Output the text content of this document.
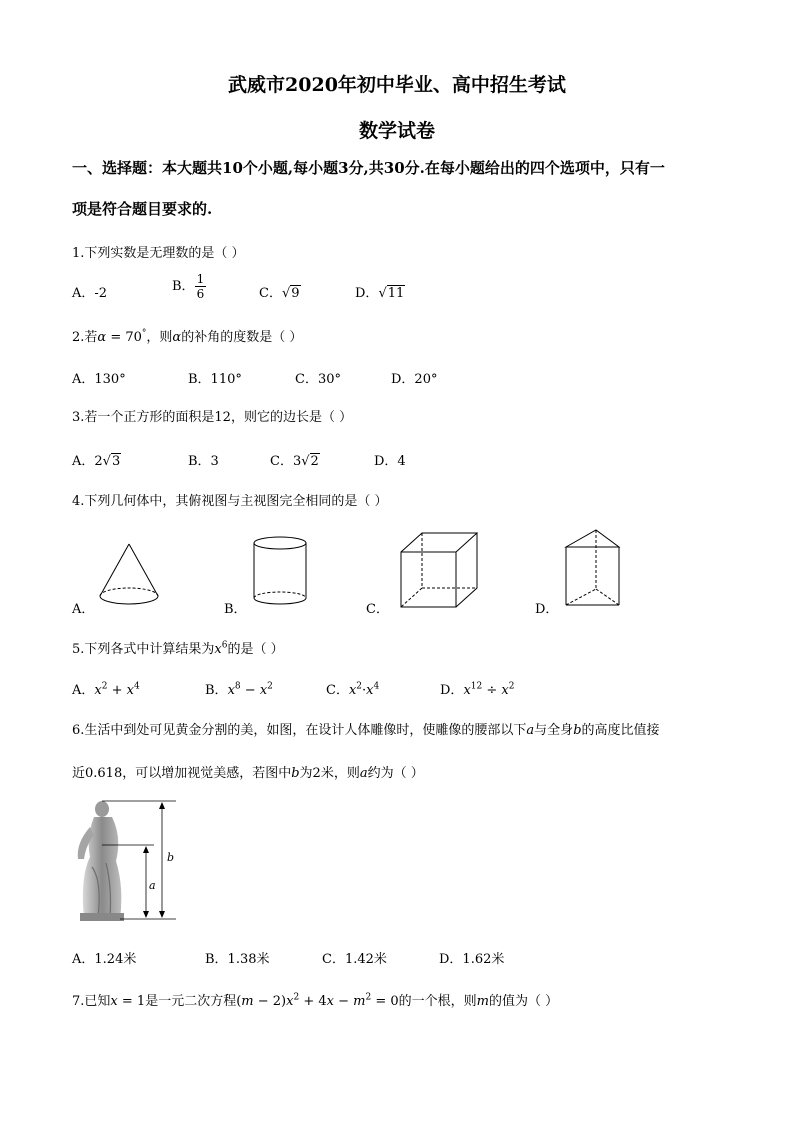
武威市2020年初中毕业、高中招生考试
数学试卷
一、选择题：本大题共10个小题,每小题3分,共30分.在每小题给出的四个选项中，只有一
项是符合题目要求的.
1.下列实数是无理数的是（ ）
A．-2	B． $\frac{1}{6}$	C．√9	D．√11
2.若α = 70°，则α的补角的度数是（ ）
A．130°	B．110°	C．30°	D．20°
3.若一个正方形的面积是12，则它的边长是（ ）
A．2√3	B．3	C．3√2	D．4
4.下列几何体中，其俯视图与主视图完全相同的是（ ）
A．	B．	C．	D．
5.下列各式中计算结果为$x^6$的是（ ）
A．$x^2 + x^4$	B．$x^8 - x^2$	C．$x^2\cdot x^4$	D．$x^{12} \div x^2$
6.生活中到处可见黄金分割的美，如图，在设计人体雕像时，使雕像的腰部以下a与全身b的高度比值接
近0.618，可以增加视觉美感，若图中b为2米，则a约为（ ）
b
a
A．1.24米	B．1.38米	C．1.42米	D．1.62米
7.已知x = 1是一元二次方程$(m - 2)x^2 + 4x - m^2 = 0$的一个根，则m的值为（ ）
